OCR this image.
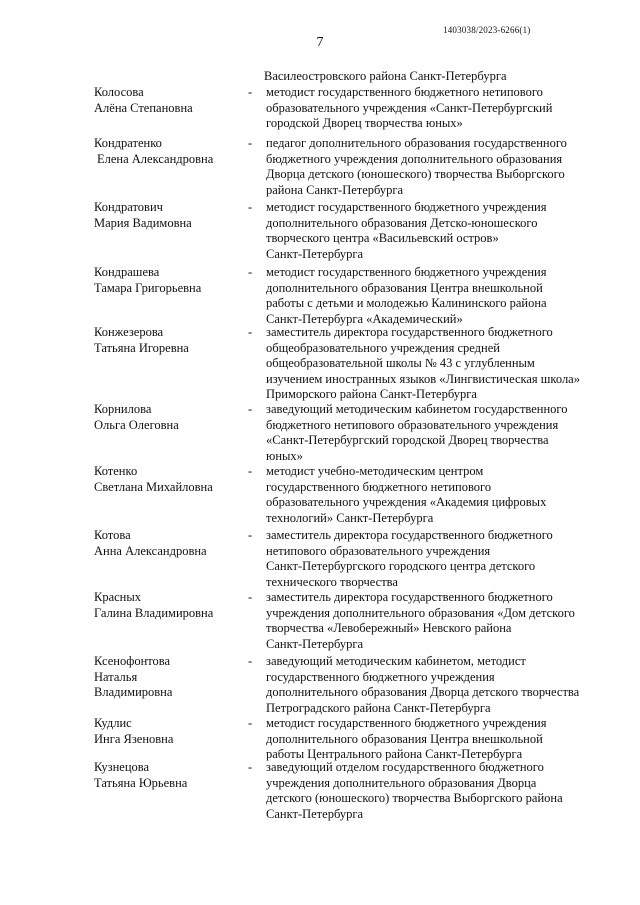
1403038/2023-6266(1)
7
Василеостровского района Санкт-Петербурга
Колосова
Алёна Степановна
- методист государственного бюджетного нетипового
образовательного учреждения «Санкт-Петербургский
городской Дворец творчества юных»
Кондратенко
Елена Александровна
- педагог дополнительного образования государственного
бюджетного учреждения дополнительного образования
Дворца детского (юношеского) творчества Выборгского
района Санкт-Петербурга
Кондратович
Мария Вадимовна
- методист государственного бюджетного учреждения
дополнительного образования Детско-юношеского
творческого центра «Васильевский остров»
Санкт-Петербурга
Кондрашева
Тамара Григорьевна
- методист государственного бюджетного учреждения
дополнительного образования Центра внешкольной
работы с детьми и молодежью Калининского района
Санкт-Петербурга «Академический»
Конжезерова
Татьяна Игоревна
- заместитель директора государственного бюджетного
общеобразовательного учреждения средней
общеобразовательной школы № 43 с углубленным
изучением иностранных языков «Лингвистическая школа»
Приморского района Санкт-Петербурга
Корнилова
Ольга Олеговна
- заведующий методическим кабинетом государственного
бюджетного нетипового образовательного учреждения
«Санкт-Петербургский городской Дворец творчества
юных»
Котенко
Светлана Михайловна
- методист учебно-методическим центром
государственного бюджетного нетипового
образовательного учреждения «Академия цифровых
технологий» Санкт-Петербурга
Котова
Анна Александровна
- заместитель директора государственного бюджетного
нетипового образовательного учреждения
Санкт-Петербургского городского центра детского
технического творчества
Красных
Галина Владимировна
- заместитель директора государственного бюджетного
учреждения дополнительного образования «Дом детского
творчества «Левобережный» Невского района
Санкт-Петербурга
Ксенофонтова
Наталья
Владимировна
- заведующий методическим кабинетом, методист
государственного бюджетного учреждения
дополнительного образования Дворца детского творчества
Петроградского района Санкт-Петербурга
Кудлис
Инга Язеновна
- методист государственного бюджетного учреждения
дополнительного образования Центра внешкольной
работы Центрального района Санкт-Петербурга
Кузнецова
Татьяна Юрьевна
- заведующий отделом государственного бюджетного
учреждения дополнительного образования Дворца
детского (юношеского) творчества Выборгского района
Санкт-Петербурга
